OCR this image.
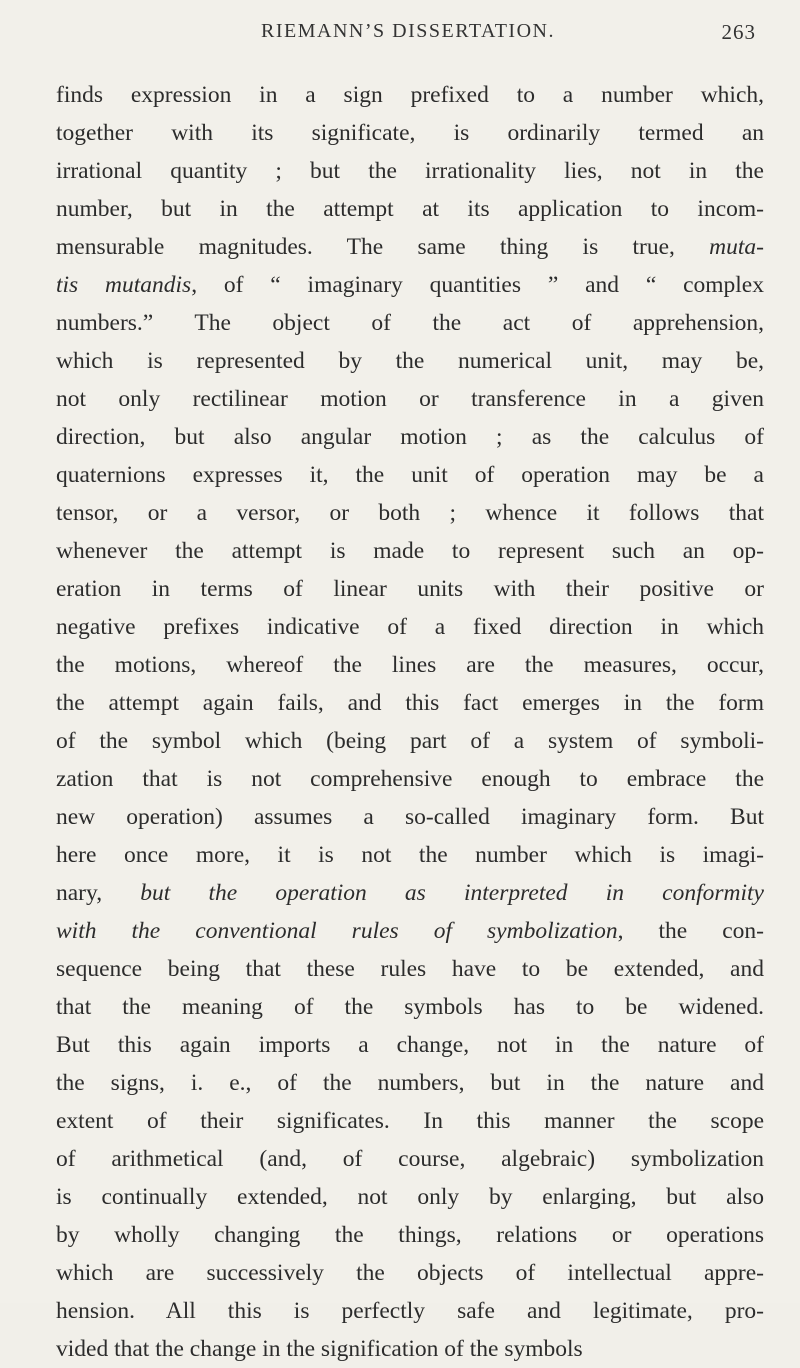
RIEMANN’S DISSERTATION.	263
finds expression in a sign prefixed to a number which,
together with its significate, is ordinarily termed an
irrational quantity ; but the irrationality lies, not in the
number, but in the attempt at its application to incom-
mensurable magnitudes. The same thing is true, muta-
tis mutandis, of “ imaginary quantities ” and “ complex
numbers.” The object of the act of apprehension,
which is represented by the numerical unit, may be,
not only rectilinear motion or transference in a given
direction, but also angular motion ; as the calculus of
quaternions expresses it, the unit of operation may be a
tensor, or a versor, or both ; whence it follows that
whenever the attempt is made to represent such an op-
eration in terms of linear units with their positive or
negative prefixes indicative of a fixed direction in which
the motions, whereof the lines are the measures, occur,
the attempt again fails, and this fact emerges in the form
of the symbol which (being part of a system of symboli-
zation that is not comprehensive enough to embrace the
new operation) assumes a so-called imaginary form. But
here once more, it is not the number which is imagi-
nary, but the operation as interpreted in conformity
with the conventional rules of symbolization, the con-
sequence being that these rules have to be extended, and
that the meaning of the symbols has to be widened.
But this again imports a change, not in the nature of
the signs, i. e., of the numbers, but in the nature and
extent of their significates. In this manner the scope
of arithmetical (and, of course, algebraic) symbolization
is continually extended, not only by enlarging, but also
by wholly changing the things, relations or operations
which are successively the objects of intellectual appre-
hension. All this is perfectly safe and legitimate, pro-
vided that the change in the signification of the symbols
